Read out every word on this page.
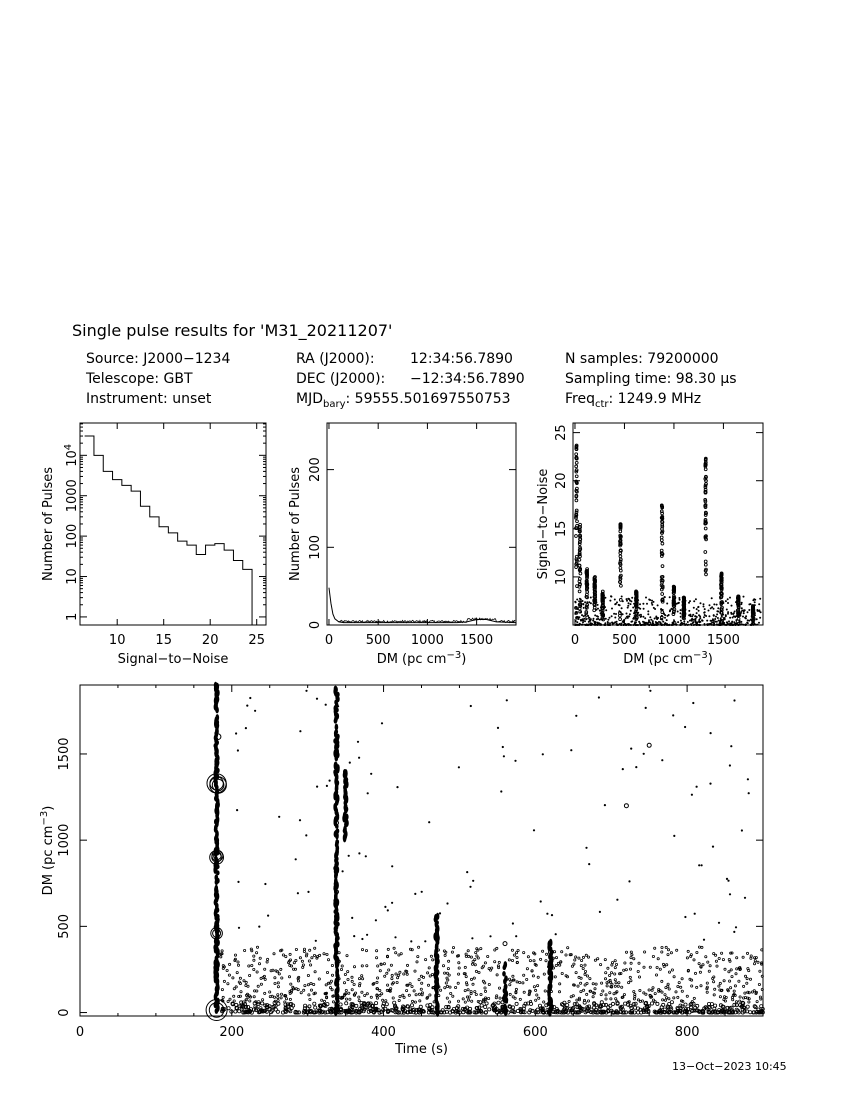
Single pulse results for 'M31_20211207'
Source: J2000−1234
Telescope: GBT
Instrument: unset
RA (J2000):	12:34:56.7890
DEC (J2000): −12:34:56.7890
$MJD_{bary}$: 59555.501697550753
N samples: 79200000
Sampling time: 98.30 μs
Freq$_{ctr}$: 1249.9 MHz
13−Oct−2023 10:45
10 15 20 25
1
10
100
1000
$10^4$
Signal−to−Noise
Number of Pulses
0	500 1000 1500
0
100
200
DM (pc $cm^{-3}$)
Number of Pulses
0	500 1000 1500
10
15
20
25
DM (pc $cm^{-3}$)
Signal−to−Noise
0	200	400	600	800
0
500
1000
1500
Time (s)
DM (pc $cm^{-3}$)
